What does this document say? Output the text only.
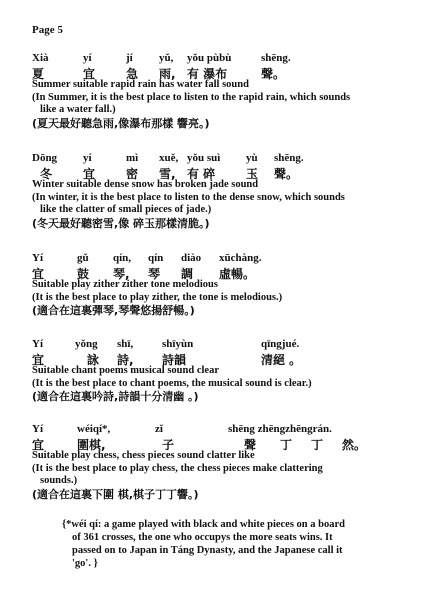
Page 5
Xià	yí	jí yǔ, yǒu pùbù	shēng.
夏	宜	急 雨, 有 瀑布	聲。
Summer suitable rapid rain has water fall sound
(In Summer, it is the best place to listen to the rapid rain, which sounds
like a water fall.)
(夏天最好聽急雨,像瀑布那樣 響亮。)
Dōng yí	mì xuě, yǒu suì yù shēng.
冬	宜	密 雪, 有 碎	玉 聲。
Winter suitable dense snow has broken jade sound
(In winter, it is the best place to listen to the dense snow, which sounds
like the clatter of small pieces of jade.)
(冬天最好聽密雪,像 碎玉那樣清脆。)
Yí	gǔ qín, qín diào xūchàng.
宜	鼓 琴, 琴 調 虛暢。
Suitable play zither zither tone melodious
(It is the best place to play zither, the tone is melodious.)
(適合在這裏彈琴,琴聲悠揚舒暢。)
Yí	yǒng shī,	shīyùn	qīngjué.
宜	詠 詩, 詩韻	清絕 。
Suitable chant poems musical sound clear
(It is the best place to chant poems, the musical sound is clear.)
(適合在這裏吟詩,詩韻十分清幽 。)
Yí	wéiqí*,	zǐ	shēng zhēngzhēngrán.
宜	圍棋,	子	聲 丁 丁 然。
Suitable play chess, chess pieces sound clatter like
(It is the best place to play chess, the chess pieces make clattering
sounds.)
(適合在這裏下圍 棋,棋子丁丁響。)
{*wéi qí: a game played with black and white pieces on a board
of 361 crosses, the one who occupys the more seats wins. It
passed on to Japan in Táng Dynasty, and the Japanese call it
'go'. }
